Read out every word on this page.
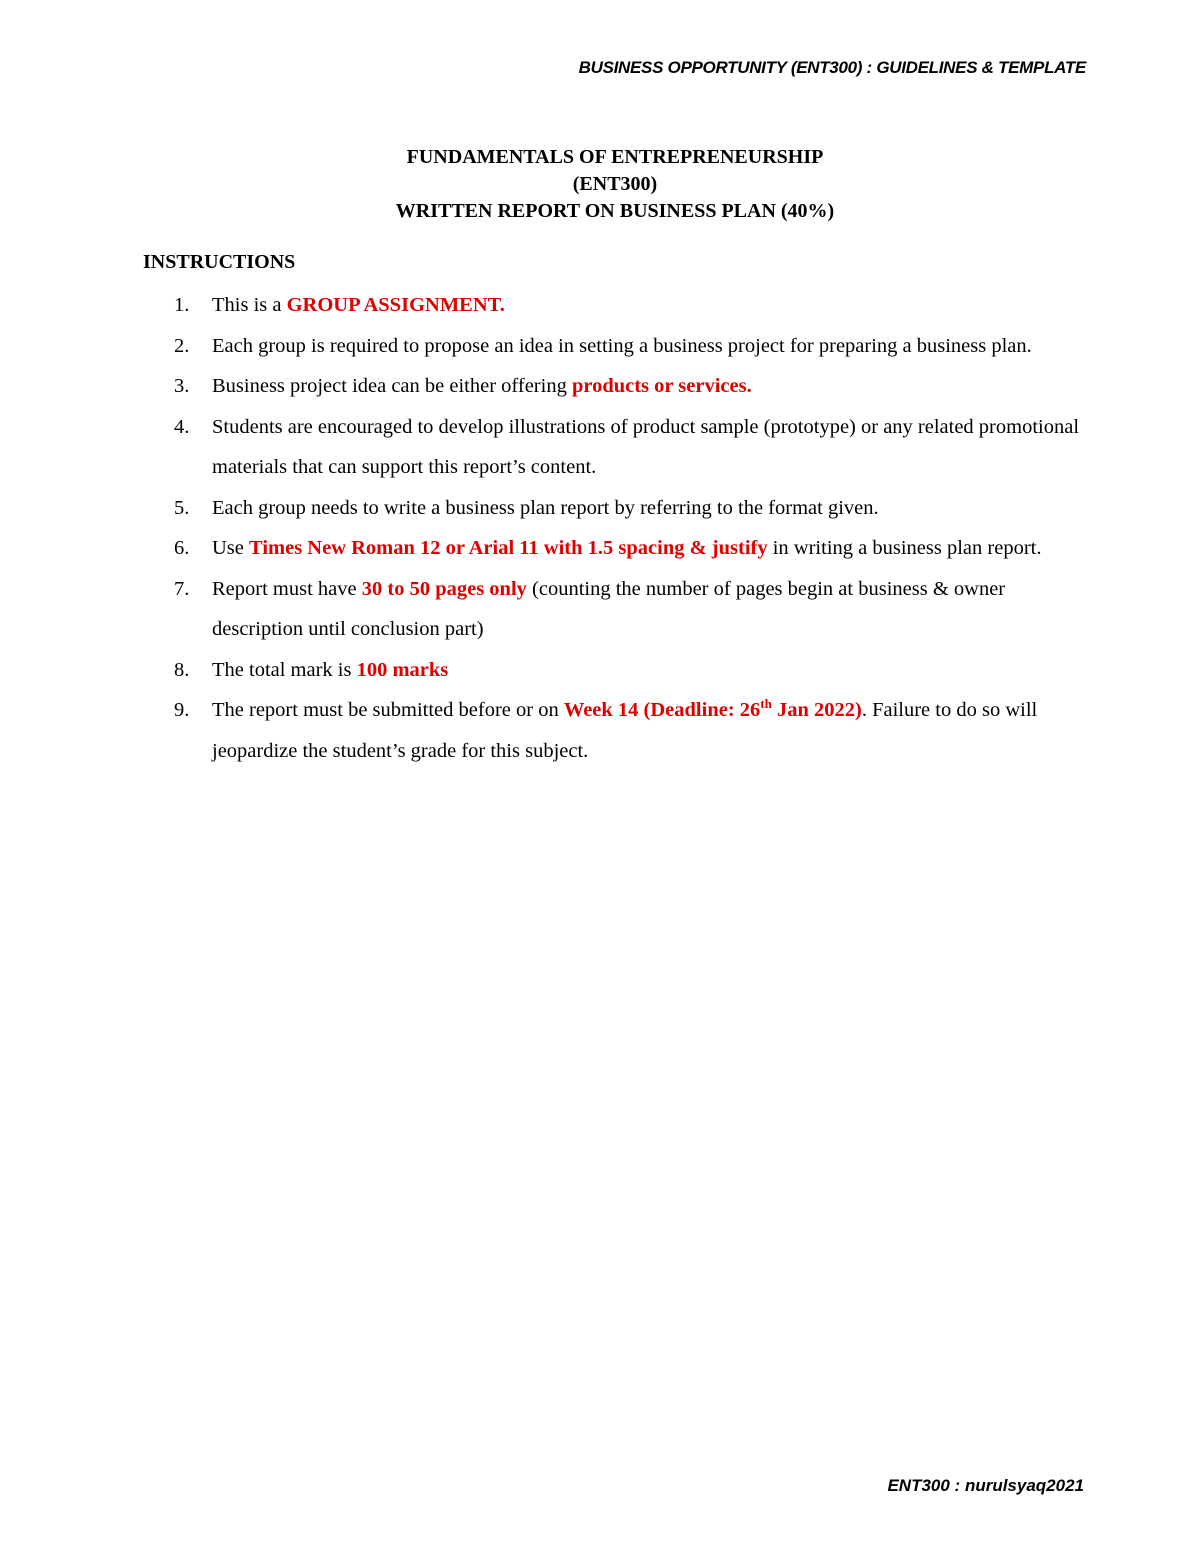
BUSINESS OPPORTUNITY (ENT300) : GUIDELINES & TEMPLATE
FUNDAMENTALS OF ENTREPRENEURSHIP
(ENT300)
WRITTEN REPORT ON BUSINESS PLAN (40%)
INSTRUCTIONS
1. This is a GROUP ASSIGNMENT.
2. Each group is required to propose an idea in setting a business project for preparing a business plan.
3. Business project idea can be either offering products or services.
4. Students are encouraged to develop illustrations of product sample (prototype) or any related promotional materials that can support this report’s content.
5. Each group needs to write a business plan report by referring to the format given.
6. Use Times New Roman 12 or Arial 11 with 1.5 spacing & justify in writing a business plan report.
7. Report must have 30 to 50 pages only (counting the number of pages begin at business & owner description until conclusion part)
8. The total mark is 100 marks
9. The report must be submitted before or on Week 14 (Deadline: 26th Jan 2022). Failure to do so will jeopardize the student’s grade for this subject.
ENT300 : nurulsyaq2021
